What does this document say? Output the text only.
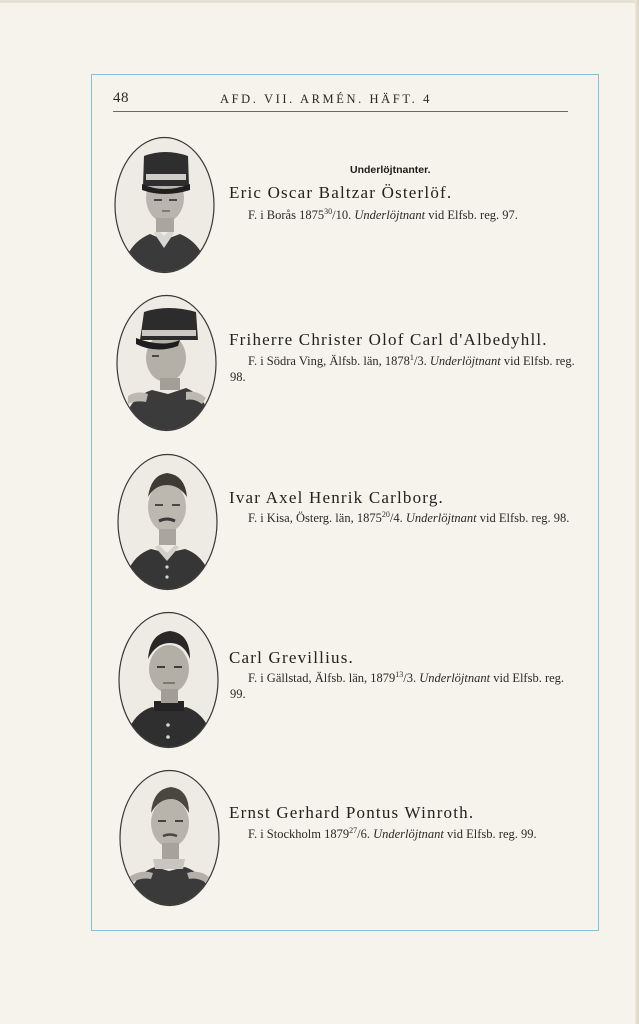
48	AFD. VII. ARMÉN. HÄFT. 4
Underlöjtnanter.
Eric Oscar Baltzar Österlöf.
F. i Borås 1875$^{30}$/10. Underlöjtnant vid Elfsb. reg. 97.
Friherre Christer Olof Carl d'Albedyhll.
F. i Södra Ving, Älfsb. län, 1878$^1$/3. Underlöjtnant vid Elfsb. reg. 98.
Ivar Axel Henrik Carlborg.
F. i Kisa, Österg. län, 1875$^{20}$/4. Underlöjtnant vid Elfsb. reg. 98.
Carl Grevillius.
F. i Gällstad, Älfsb. län, 1879$^{13}$/3. Underlöjtnant vid Elfsb. reg. 99.
Ernst Gerhard Pontus Winroth.
F. i Stockholm 1879$^{27}$/6. Underlöjtnant vid Elfsb. reg. 99.
